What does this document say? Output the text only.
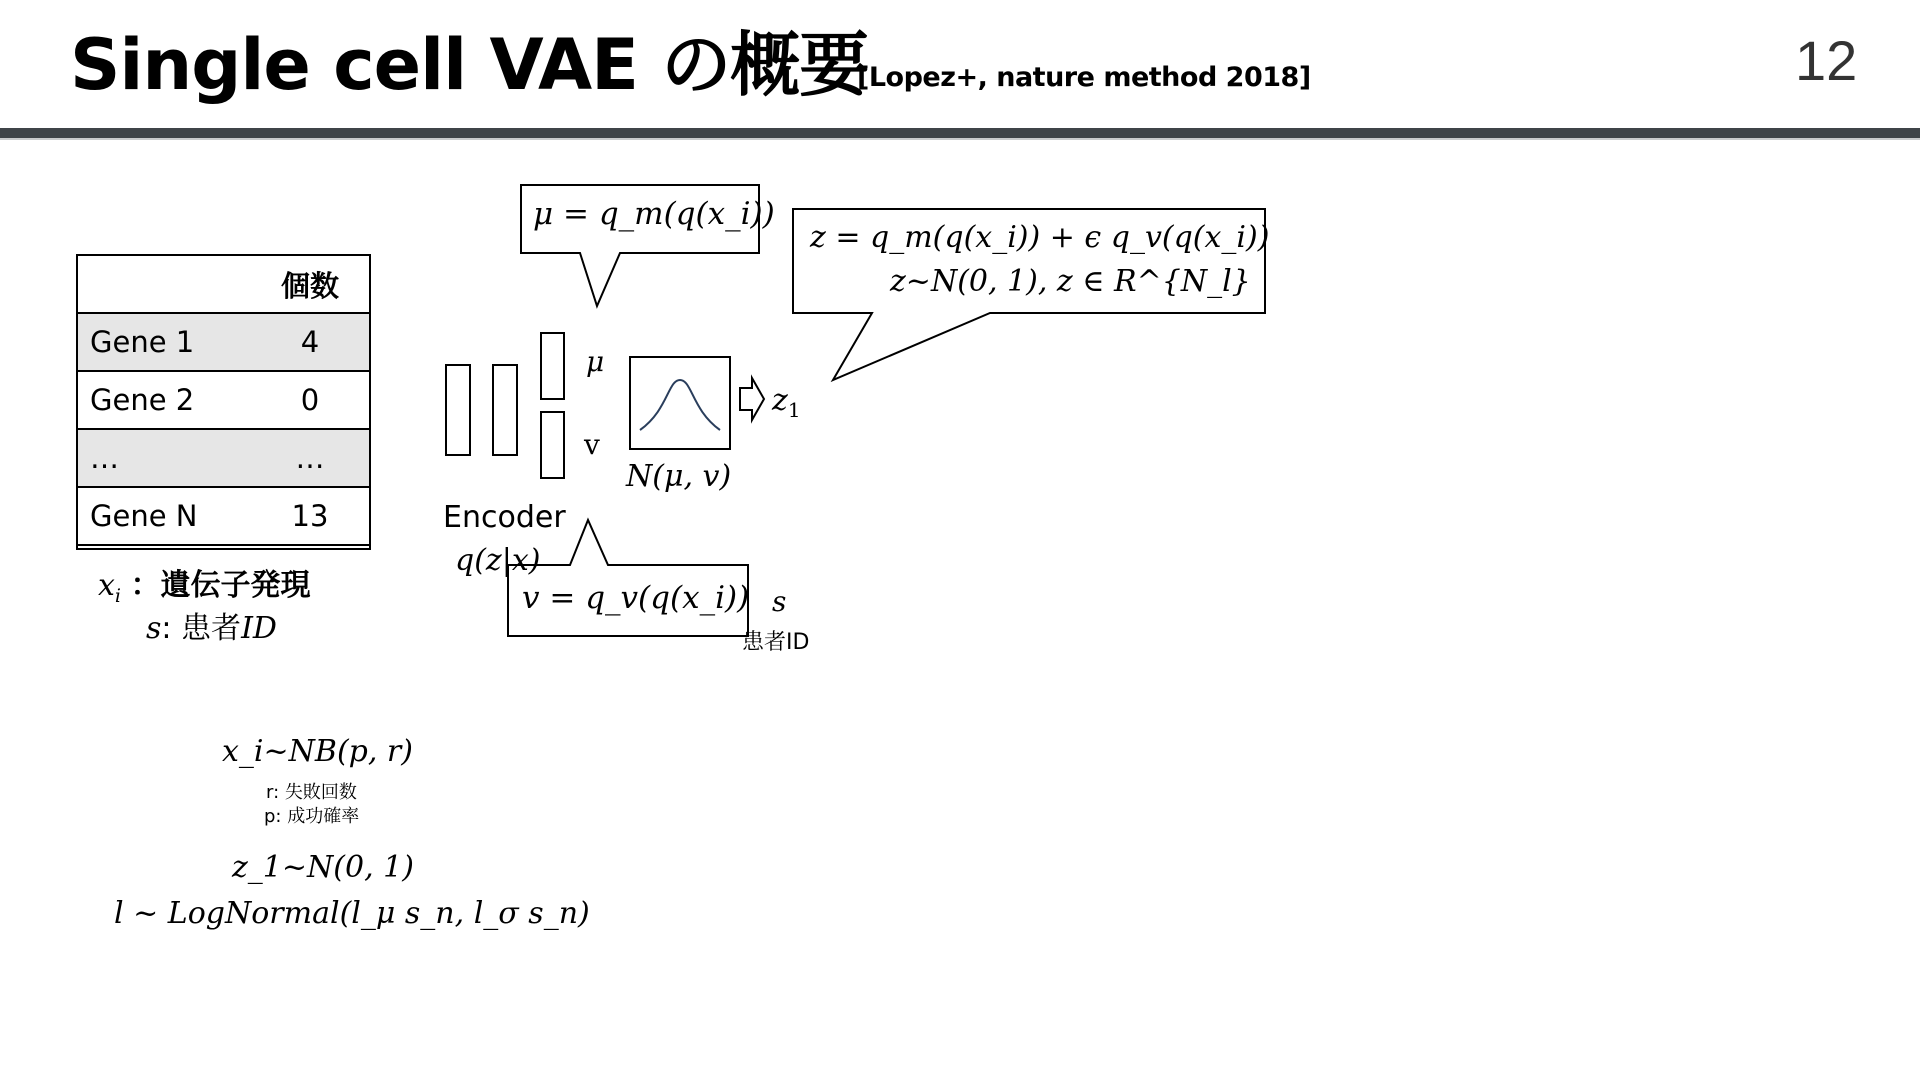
Single cell VAE の概要
[Lopez+, nature method 2018]	12
	個数
Gene 1	4
Gene 2	0
…	…
Gene N	13
$x_i$ ：遺伝子発現
s: 患者ID
μ
v
N(μ, v)
$z_1$
Encoder
q(z|x)
s
患者ID
μ = q_m(q(x_i))
v = q_v(q(x_i))
z = q_m(q(x_i)) + ϵ q_v(q(x_i))
z~N(0, 1), z ∈ R^{N_l}
x_i~NB(p, r)
r: 失敗回数
p: 成功確率
z_1~N(0, 1)
l ~ LogNormal(l_μ s_n, l_σ s_n)
